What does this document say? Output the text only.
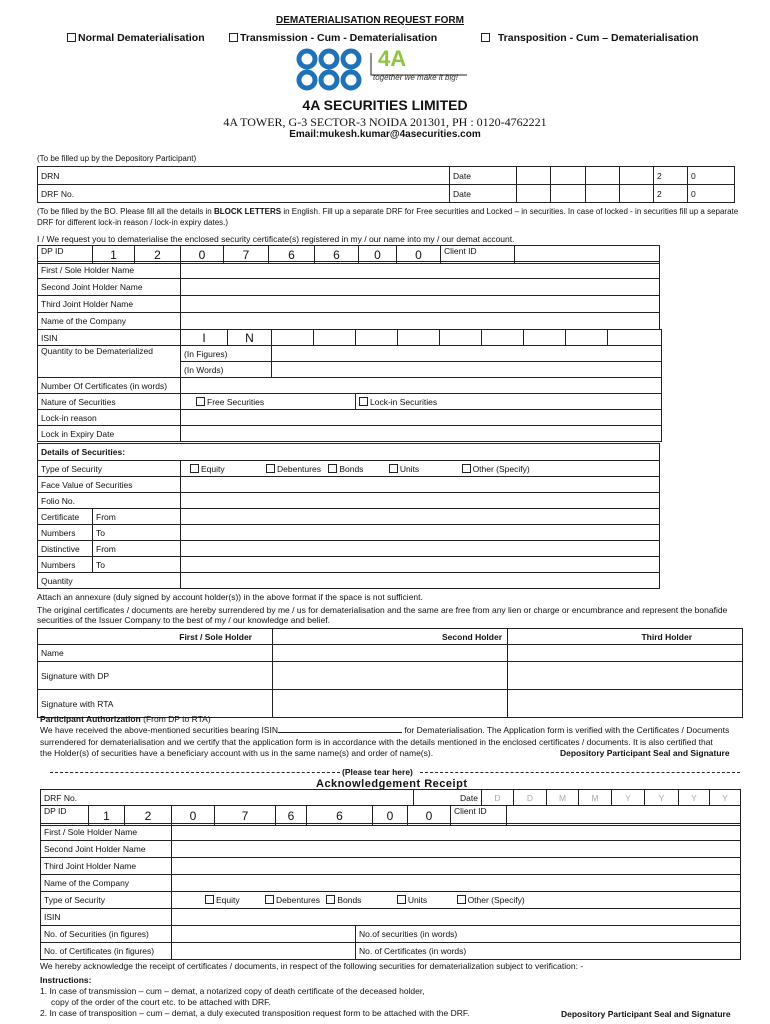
DEMATERIALISATION REQUEST FORM
Normal Dematerialisation	Transmission - Cum - Dematerialisation	Transposition - Cum – Dematerialisation
4A
together we make it big!
4A SECURITIES LIMITED
4A TOWER, G-3 SECTOR-3 NOIDA 201301, PH : 0120-4762221
Email:mukesh.kumar@4asecurities.com
(To be filled up by the Depository Participant)
DRN	Date					2	0
DRF No.	Date					2	0
(To be filled by the BO. Please fill all the details in BLOCK LETTERS in English. Fill up a separate DRF for Free securities and Locked – in securities. In case of locked - in securities fill up a separate DRF for different lock-in reason / lock-in expiry dates.)
I / We request you to dematerialise the enclosed security certificate(s) registered in my / our name into my / our demat account.
DP ID	1	2	0	7	6	6	0	0	Client ID	
First / Sole Holder Name	
Second Joint Holder Name	
Third Joint Holder Name	
Name of the Company	
ISIN	I	N									
Quantity to be Dematerialized	(In Figures)										
	(In Words)										
Number Of Certificates (in words)											
Nature of Securities	Free Securities				Lock-in Securities						
Lock-in reason											
Lock in Expiry Date											
Details of Securities:		
Type of Security		Equity Debentures Bonds Units Other (Specify)
Face Value of Securities		
Folio No.		
Certificate	From	
Numbers	To	
Distinctive	From	
Numbers	To	
Quantity		
Attach an annexure (duly signed by account holder(s)) in the above format if the space is not sufficient.
The original certificates / documents are hereby surrendered by me / us for dematerialisation and the same are free from any lien or charge or encumbrance and represent the bonafide securities of the Issuer Company to the best of my / our knowledge and belief.
First / Sole Holder	Second Holder	Third Holder
Name		
Signature with DP		
Signature with RTA		
Participant Authorization (From DP to RTA)
We have received the above-mentioned securities bearing ISIN	for Dematerialisation. The Application form is verified with the Certificates / Documents
surrendered for dematerialisation and we certify that the application form is in accordance with the details mentioned in the enclosed certificates / documents. It is also certified that
the Holder(s) of securities have a beneficiary account with us in the same name(s) and order of name(s).	Depository Participant Seal and Signature
(Please tear here)
Acknowledgement Receipt
DRF No.	Date	D	D	M	M	Y	Y	Y	Y
DP ID	1	2	0	7	6	6	0	0	Client ID	
First / Sole Holder Name		
Second Joint Holder Name		
Third Joint Holder Name		
Name of the Company		
Type of Security	Equity Debentures Bonds Units Other (Specify)	
ISIN		
No. of Securities (in figures)		No.of securities (in words)
No. of Certificates (in figures)		No. of Certificates (in words)
We hereby acknowledge the receipt of certificates / documents, in respect of the following securities for dematerialization subject to verification: -
Instructions:
1. In case of transmission – cum – demat, a notarized copy of death certificate of the deceased holder,
copy of the order of the court etc. to be attached with DRF.
2. In case of transposition – cum – demat, a duly executed transposition request form to be attached with the DRF.	Depository Participant Seal and Signature
